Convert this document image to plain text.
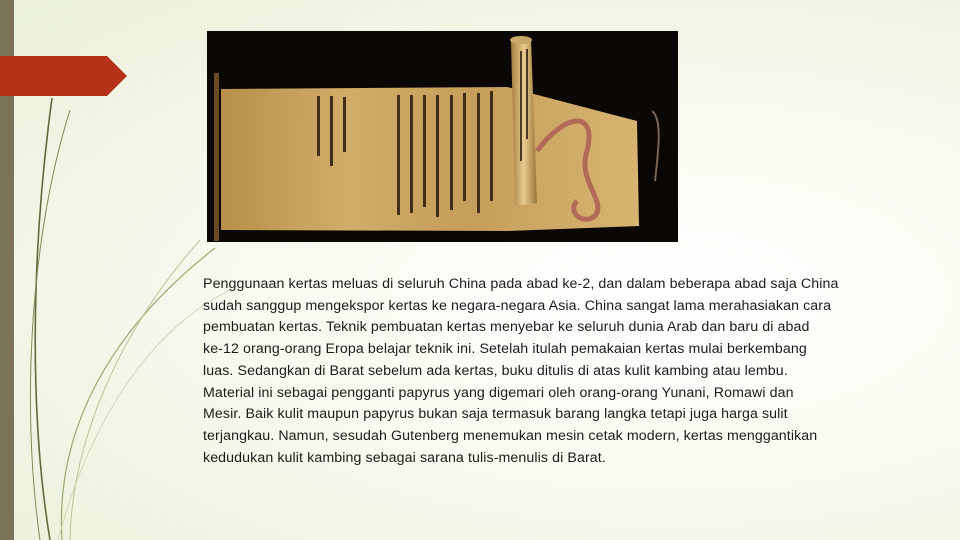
Penggunaan kertas meluas di seluruh China pada abad ke-2, dan dalam beberapa abad saja China
sudah sanggup mengekspor kertas ke negara-negara Asia. China sangat lama merahasiakan cara
pembuatan kertas. Teknik pembuatan kertas menyebar ke seluruh dunia Arab dan baru di abad
ke-12 orang-orang Eropa belajar teknik ini. Setelah itulah pemakaian kertas mulai berkembang
luas. Sedangkan di Barat sebelum ada kertas, buku ditulis di atas kulit kambing atau lembu.
Material ini sebagai pengganti papyrus yang digemari oleh orang-orang Yunani, Romawi dan
Mesir. Baik kulit maupun papyrus bukan saja termasuk barang langka tetapi juga harga sulit
terjangkau. Namun, sesudah Gutenberg menemukan mesin cetak modern, kertas menggantikan
kedudukan kulit kambing sebagai sarana tulis-menulis di Barat.
